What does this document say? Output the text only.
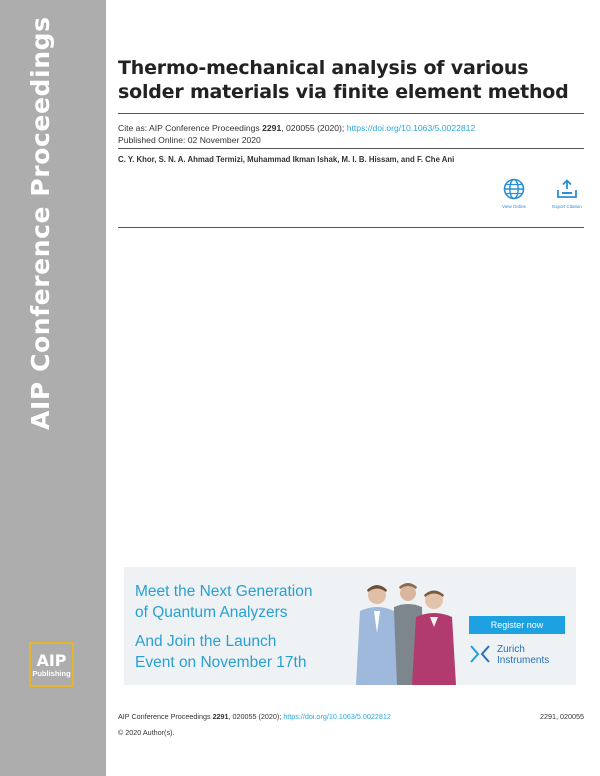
AIP Conference Proceedings
AIP
Publishing
Thermo-mechanical analysis of various
solder materials via finite element method
Cite as: AIP Conference Proceedings 2291, 020055 (2020); https://doi.org/10.1063/5.0022812
Published Online: 02 November 2020
C. Y. Khor, S. N. A. Ahmad Termizi, Muhammad Ikman Ishak, M. I. B. Hissam, and F. Che Ani
View Online	Export Citation
Meet the Next Generation
of Quantum Analyzers
And Join the Launch
Event on November 17th
Register now
Zurich
Instruments
AIP Conference Proceedings 2291, 020055 (2020); https://doi.org/10.1063/5.0022812	2291, 020055
© 2020 Author(s).
